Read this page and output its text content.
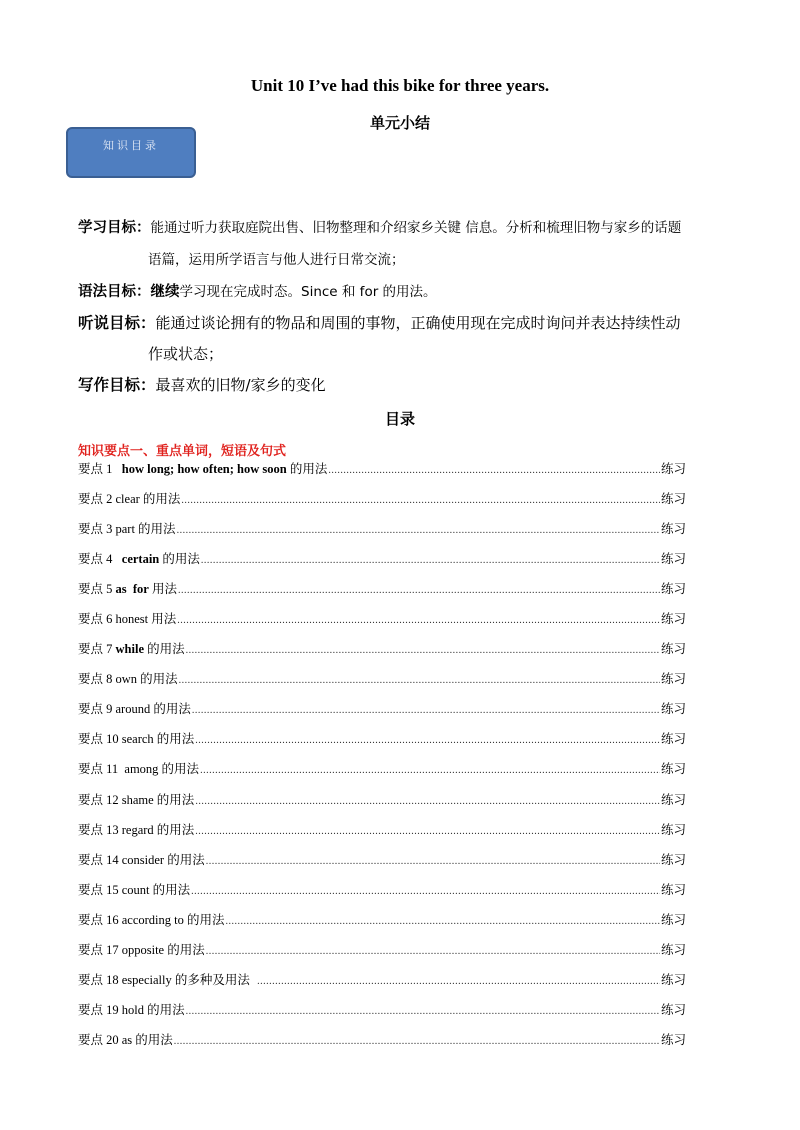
Unit 10 I’ve had this bike for three years.
单元小结
知识目录
学习目标：能通过听力获取庭院出售、旧物整理和介绍家乡关键 信息。分析和梳理旧物与家乡的话题
语篇，运用所学语言与他人进行日常交流；
语法目标：继续学习现在完成时态。Since 和 for 的用法。
听说目标：能通过谈论拥有的物品和周围的事物，正确使用现在完成时询问并表达持续性动
作或状态；
写作目标：最喜欢的旧物/家乡的变化
目录
知识要点一、重点单词，短语及句式
要点 1   how long; how often; how soon 的用法 .....	练习
要点 2 clear 的用法 .....	练习
要点 3 part 的用法 .....	练习
要点 4   certain 的用法 .....	练习
要点 5 as  for 用法 .....	练习
要点 6 honest 用法 .....	练习
要点 7 while 的用法 .....	练习
要点 8 own 的用法 .....	练习
要点 9 around 的用法 .....	练习
要点 10 search 的用法 .....	练习
要点 11  among 的用法 .....	练习
要点 12 shame 的用法 .....	练习
要点 13 regard 的用法 .....	练习
要点 14 consider 的用法 .....	练习
要点 15 count 的用法 .....	练习
要点 16 according to 的用法 .....	练习
要点 17 opposite 的用法 .....	练习
要点 18 especially 的多种及用法 .....	练习
要点 19 hold 的用法 .....	练习
要点 20 as 的用法 .....	练习
